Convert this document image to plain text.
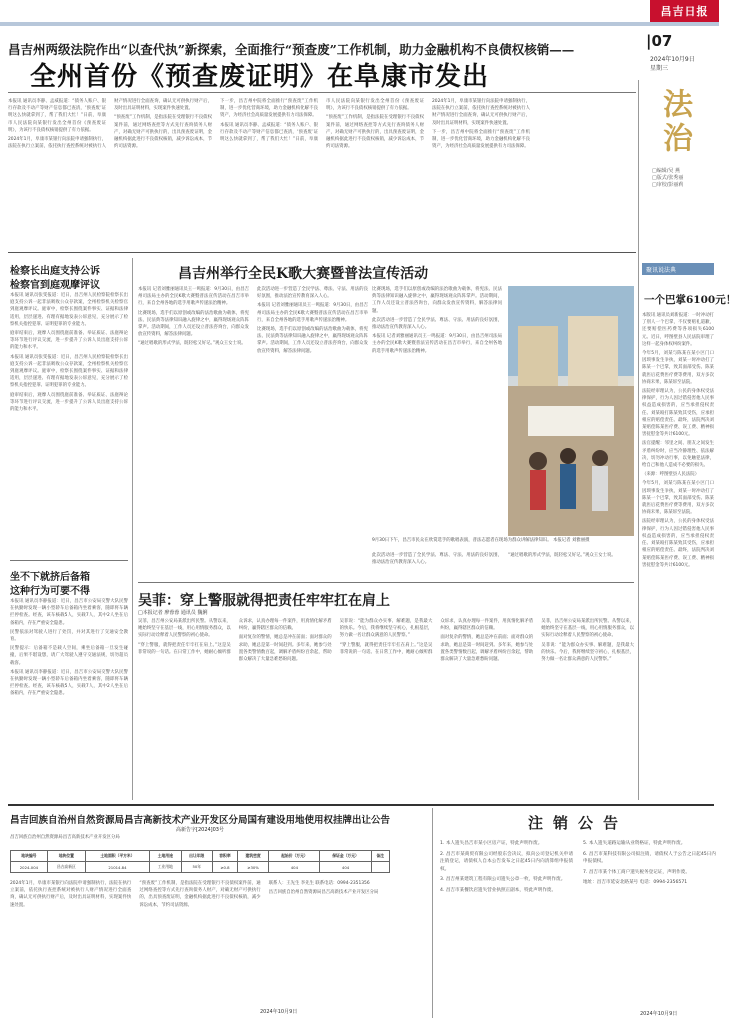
昌吉日报
|07
2024年10月9日
星期三
昌吉州两级法院作出“以查代执”新探索，全面推行“预查废”工作机制，助力金融机构不良债权核销——
全州首份《预查废证明》在阜康市发出

本报讯 通讯员李静、孟威报道：“债务人账户、银行存款及不动产等财产信息都已查清，‘预查废’证明这么快就拿到了，帮了我们大忙！”日前，阜康市人民法院向某银行发出全州首份《预查废证明》，为该行不良债权核销提供了有力依据。

2024年1月，阜康市某银行向法院申请强制执行，法院在执行立案前，依托执行查控系统对被执行人财产情况进行全面查询，确认无可供执行财产后，及时出具证明材料，实现案件快速处置。

“预查废”工作机制，是指法院在受理银行不良债权案件前，通过网络查控等方式先行查询债务人财产，对确无财产可供执行的，出具预查废证明，金融机构据此进行不良债权核销，减少诉讼成本，节约司法资源。

下一步，昌吉州中院将全面推行“预查废”工作机制，进一步优化营商环境，助力金融机构化解不良资产，为经济社会高质量发展提供有力司法保障。

本报讯 通讯员李静、孟威报道：“债务人账户、银行存款及不动产等财产信息都已查清，‘预查废’证明这么快就拿到了，帮了我们大忙！”日前，阜康市人民法院向某银行发出全州首份《预查废证明》，为该行不良债权核销提供了有力依据。

“预查废”工作机制，是指法院在受理银行不良债权案件前，通过网络查控等方式先行查询债务人财产，对确无财产可供执行的，出具预查废证明，金融机构据此进行不良债权核销，减少诉讼成本，节约司法资源。

2024年1月，阜康市某银行向法院申请强制执行，法院在执行立案前，依托执行查控系统对被执行人财产情况进行全面查询，确认无可供执行财产后，及时出具证明材料，实现案件快速处置。

下一步，昌吉州中院将全面推行“预查废”工作机制，进一步优化营商环境，助力金融机构化解不良资产，为经济社会高质量发展提供有力司法保障。	法治
□编辑/吴 燕
□版式/张秀丽
□审校/彭丽莉
聚讯说法典
一个巴掌6100元！

本版讯 通讯员刘新报道：一时冲动打了别人一个巴掌，不仅要赔礼道歉，还要赔偿医药费等各项损失6100元。近日，呼图壁县人民法院审理了这样一起身体权纠纷案件。

今年5月，刘某与陈某在某小区门口因琐事发生争执，刘某一时冲动打了陈某一个巴掌，致其面部受伤。陈某就医后花费医疗费等费用，双方多次协商未果，陈某诉至法院。

法院经审理认为，公民的身体权受法律保护，行为人因过错侵害他人民事权益造成损害的，应当承担侵权责任。刘某殴打陈某致其受伤，应承担相应的赔偿责任。最终，法院判决刘某赔偿陈某医疗费、误工费、精神损害抚慰金等共计6100元。

法官提醒：邻里之间、朋友之间发生矛盾纠纷时，应当冷静理性、依法解决，切勿冲动行事，以免触犯法律，给自己和他人造成不必要的损失。

（来源：呼图壁县人民法院）

今年5月，刘某与陈某在某小区门口因琐事发生争执，刘某一时冲动打了陈某一个巴掌，致其面部受伤。陈某就医后花费医疗费等费用，双方多次协商未果，陈某诉至法院。

法院经审理认为，公民的身体权受法律保护，行为人因过错侵害他人民事权益造成损害的，应当承担侵权责任。刘某殴打陈某致其受伤，应承担相应的赔偿责任。最终，法院判决刘某赔偿陈某医疗费、误工费、精神损害抚慰金等共计6100元。

检察长出庭支持公诉
检察官到庭观摩评议

本报讯 通讯员张雯报道：近日，昌吉州人民检察院检察长出庭支持公诉一起非法吸收公众存款案，全州检察机关检察官到庭观摩评议。庭审中，检察长围绕案件事实、证据和法律适用，层层递进、有理有据地发表公诉意见，充分展示了检察机关指控犯罪、证明犯罪的专业能力。

庭审结束后，观摩人员围绕庭前准备、举证质证、法庭辩论等环节进行评议交流，进一步提升了公诉人员出庭支持公诉的能力和水平。

本报讯 通讯员张雯报道：近日，昌吉州人民检察院检察长出庭支持公诉一起非法吸收公众存款案，全州检察机关检察官到庭观摩评议。庭审中，检察长围绕案件事实、证据和法律适用，层层递进、有理有据地发表公诉意见，充分展示了检察机关指控犯罪、证明犯罪的专业能力。

庭审结束后，观摩人员围绕庭前准备、举证质证、法庭辩论等环节进行评议交流，进一步提升了公诉人员出庭支持公诉的能力和水平。

坐不下就挤后备箱
这种行为可要不得

本报讯 通讯员李静报道：近日，昌吉市公安局交警大队民警在执勤时发现一辆小型轿车后备箱内坐着乘客，随即将车辆拦停检查。经查，该车核载5人，实载7人，其中2人坐在后备箱内，存在严重安全隐患。

民警依法对驾驶人进行了处罚，并对其进行了交通安全教育。

民警提示：后备箱不是载人空间，乘坐后备箱一旦发生碰撞，后果不堪设想，请广大驾驶人遵守交通法规，切勿超员载客。

本报讯 通讯员李静报道：近日，昌吉市公安局交警大队民警在执勤时发现一辆小型轿车后备箱内坐着乘客，随即将车辆拦停检查。经查，该车核载5人，实载7人，其中2人坐在后备箱内，存在严重安全隐患。

昌吉州举行全民K歌大赛暨普法宣传活动

本报讯 记者刘雅丽通讯员王一鸣报道：9月30日，由昌吉州司法局主办的全民K歌大赛暨普法宣传活动在昌吉市举行，来自全州各地的选手用歌声传递法治精神。

比赛现场，选手们以原创或改编的法治歌曲为载体，将宪法、民法典等法律知识融入旋律之中，赢得现场观众阵阵掌声。活动期间，工作人员还设立普法咨询台，向群众发放宣传资料，解答法律问题。

“通过唱歌的形式学法，既轻松又好记。”观众王女士说。

此次活动进一步营造了全民学法、尊法、守法、用法的良好氛围，推动法治宣传教育深入人心。

本报讯 记者刘雅丽通讯员王一鸣报道：9月30日，由昌吉州司法局主办的全民K歌大赛暨普法宣传活动在昌吉市举行，来自全州各地的选手用歌声传递法治精神。

比赛现场，选手们以原创或改编的法治歌曲为载体，将宪法、民法典等法律知识融入旋律之中，赢得现场观众阵阵掌声。活动期间，工作人员还设立普法咨询台，向群众发放宣传资料，解答法律问题。

比赛现场，选手们以原创或改编的法治歌曲为载体，将宪法、民法典等法律知识融入旋律之中，赢得现场观众阵阵掌声。活动期间，工作人员还设立普法咨询台，向群众发放宣传资料，解答法律问题。

此次活动进一步营造了全民学法、尊法、守法、用法的良好氛围，推动法治宣传教育深入人心。

本报讯 记者刘雅丽通讯员王一鸣报道：9月30日，由昌吉州司法局主办的全民K歌大赛暨普法宣传活动在昌吉市举行，来自全州各地的选手用歌声传递法治精神。

9月30日下午，昌吉市民众在欣赏选手的歌唱表演，普法志愿者在现场为群众讲解法律知识。 本报记者 刘雅丽摄

此次活动进一步营造了全民学法、尊法、守法、用法的良好氛围，推动法治宣传教育深入人心。

“通过唱歌的形式学法，既轻松又好记。”观众王女士说。

吴菲：穿上警服就得把责任牢牢扛在肩上
□本报记者 廖蓉蓉 通讯员 魏俐

吴菲，昌吉州公安局某派出所民警。从警以来，她始终坚守在基层一线，用心用情服务群众，以实际行动诠释着人民警察的初心使命。

“穿上警服，就得把责任牢牢扛在肩上。”这是吴菲常说的一句话。在日常工作中，她耐心倾听群众诉求，认真办理每一件案件，用真情化解矛盾纠纷，赢得辖区群众的信赖。

面对复杂的警情，她总是冲在前面；面对群众的求助，她总是第一时间赶到。多年来，她参与处置各类警情数百起，调解矛盾纠纷百余起，帮助群众解决了大量急难愁盼问题。

吴菲说：“能为群众办实事、解难题，是我最大的快乐。今后，我将继续坚守初心，扎根基层，努力做一名让群众满意的人民警察。”

“穿上警服，就得把责任牢牢扛在肩上。”这是吴菲常说的一句话。在日常工作中，她耐心倾听群众诉求，认真办理每一件案件，用真情化解矛盾纠纷，赢得辖区群众的信赖。

面对复杂的警情，她总是冲在前面；面对群众的求助，她总是第一时间赶到。多年来，她参与处置各类警情数百起，调解矛盾纠纷百余起，帮助群众解决了大量急难愁盼问题。

吴菲，昌吉州公安局某派出所民警。从警以来，她始终坚守在基层一线，用心用情服务群众，以实际行动诠释着人民警察的初心使命。

吴菲说：“能为群众办实事、解难题，是我最大的快乐。今后，我将继续坚守初心，扎根基层，努力做一名让群众满意的人民警察。”

昌吉回族自治州自然资源局昌吉高新技术产业开发区分局国有建设用地使用权挂牌出让公告
高新告字[2024]03号
昌吉回族自治州自然资源局昌吉高新技术产业开发区分局
地块编号	地块位置	土地面积（平方米）	土地用途	出让年限	容积率	建筑密度	起始价（万元）	保证金（万元）	备注
2024-004	昌吉高新区	21014.84	工业用地	50年	≥0.8	≥30%	404	404	

2024年1月，阜康市某银行向法院申请强制执行，法院在执行立案前，依托执行查控系统对被执行人财产情况进行全面查询，确认无可供执行财产后，及时出具证明材料，实现案件快速处置。

“预查废”工作机制，是指法院在受理银行不良债权案件前，通过网络查控等方式先行查询债务人财产，对确无财产可供执行的，出具预查废证明，金融机构据此进行不良债权核销，减少诉讼成本，节约司法资源。

联系人：王先生 李先生 联系电话：0994-2351356

昌吉回族自治州自然资源局昌吉高新技术产业开发区分局

2024年10月9日
注销公告

1. 本人遗失昌吉市某小区房产证，特此声明作废。

2. 昌吉市某商贸有限公司经股东会决议，拟向公司登记机关申请注销登记，请债权人自本公告发布之日起45日内向清算组申报债权。

3. 昌吉州某建筑工程有限公司遗失公章一枚，特此声明作废。

4. 昌吉市某餐饮店遗失营业执照正副本，特此声明作废。

5. 本人遗失道路运输从业资格证，特此声明作废。

6. 昌吉市某科技有限公司拟注销，请债权人于公告之日起45日内申报债权。

7. 昌吉市某个体工商户遗失税务登记证，声明作废。

地址：昌吉市延安北路某号 电话：0994-2356571

2024年10月9日
